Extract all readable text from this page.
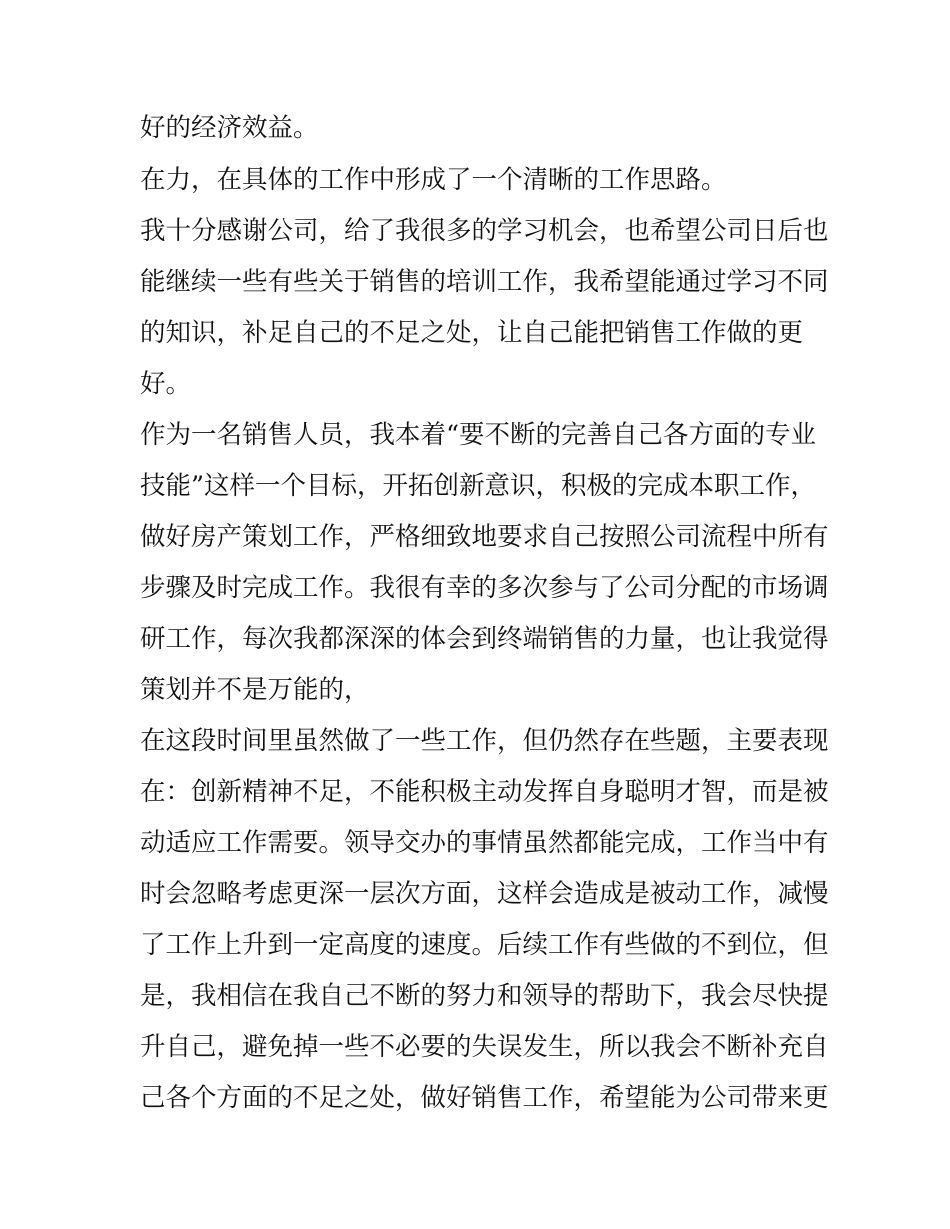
好的经济效益。
在力，在具体的工作中形成了一个清晰的工作思路。
我十分感谢公司，给了我很多的学习机会，也希望公司日后也
能继续一些有些关于销售的培训工作，我希望能通过学习不同
的知识，补足自己的不足之处，让自己能把销售工作做的更
好。
作为一名销售人员，我本着“要不断的完善自己各方面的专业
技能”这样一个目标，开拓创新意识，积极的完成本职工作，
做好房产策划工作，严格细致地要求自己按照公司流程中所有
步骤及时完成工作。我很有幸的多次参与了公司分配的市场调
研工作，每次我都深深的体会到终端销售的力量，也让我觉得
策划并不是万能的，
在这段时间里虽然做了一些工作，但仍然存在些题，主要表现
在：创新精神不足，不能积极主动发挥自身聪明才智，而是被
动适应工作需要。领导交办的事情虽然都能完成，工作当中有
时会忽略考虑更深一层次方面，这样会造成是被动工作，减慢
了工作上升到一定高度的速度。后续工作有些做的不到位，但
是，我相信在我自己不断的努力和领导的帮助下，我会尽快提
升自己，避免掉一些不必要的失误发生，所以我会不断补充自
己各个方面的不足之处，做好销售工作，希望能为公司带来更
